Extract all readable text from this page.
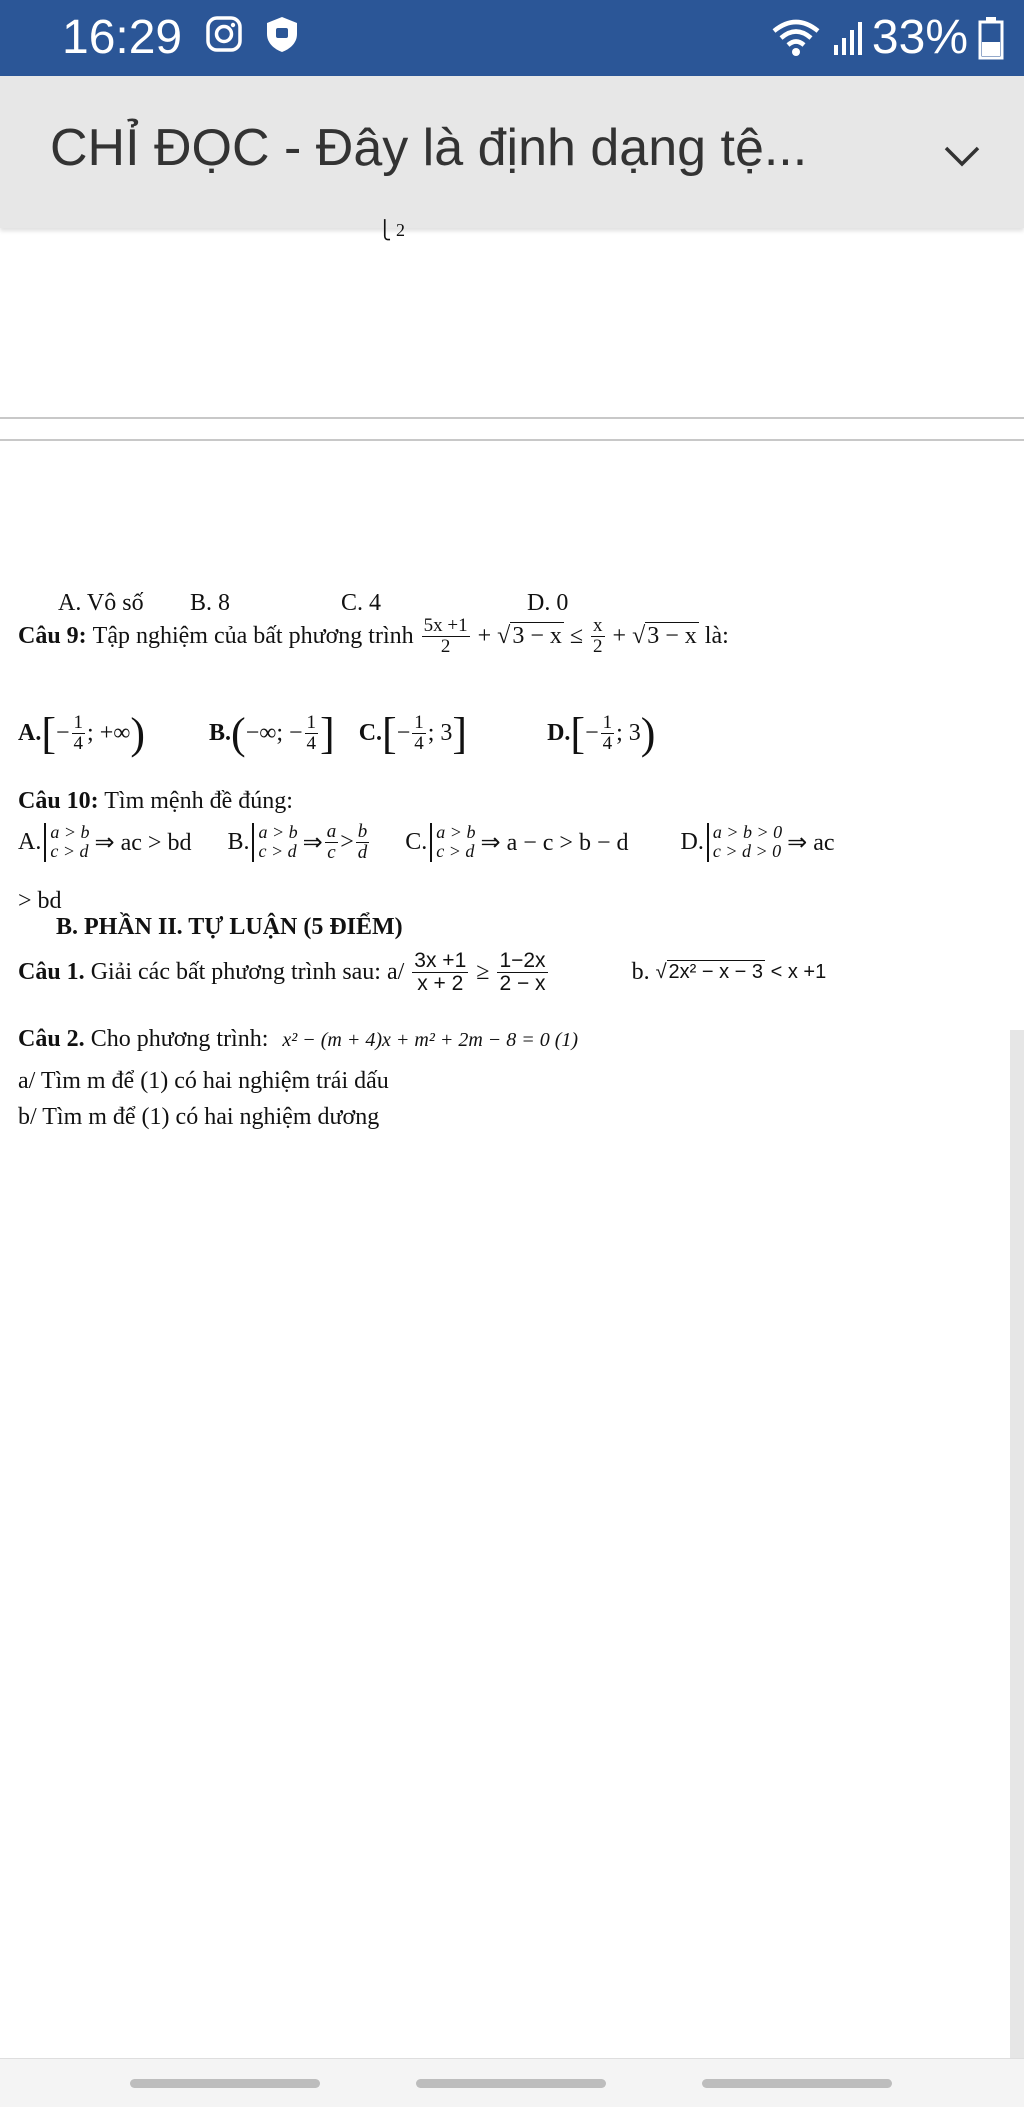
16:29	33%
CHỈ ĐỌC - Đây là định dạng tệ...
⎩ 2
A. Vô số B. 8	C. 4	D. 0
Câu 9: Tập nghiệm của bất phương trình $\frac{5x +1}{2} + √3 - x \le \frac{x}{2} + √3 - x$ là:
A. [ − $\frac{1}{4}$ ; +∞ )	B. ( −∞; − $\frac{1}{4}$ ] C. [ − $\frac{1}{4}$ ; 3 ]	D. [ − $\frac{1}{4}$ ; 3 )
Câu 10: Tìm mệnh đề đúng:
A. a > b
c > d ⇒ ac > bd B. a > b
c > d ⇒ $\frac{a}{c} > \frac{b}{d} C$. a > b
c > d ⇒ a − c > b − d D. a > b > 0
c > d > 0 ⇒ ac
> bd
B. PHẦN II. TỰ LUẬN (5 ĐIỂM)
Câu 1. Giải các bất phương trình sau: $a/ \frac{3x +1}{x + 2} \ge \frac{1-2x}{2 - x}$	b. √ 2x² − x − 3 < x +1
Câu 2. Cho phương trình: x² − (m + 4)x + m² + 2m − 8 = 0 (1)
a/ Tìm m để (1) có hai nghiệm trái dấu
b/ Tìm m để (1) có hai nghiệm dương
